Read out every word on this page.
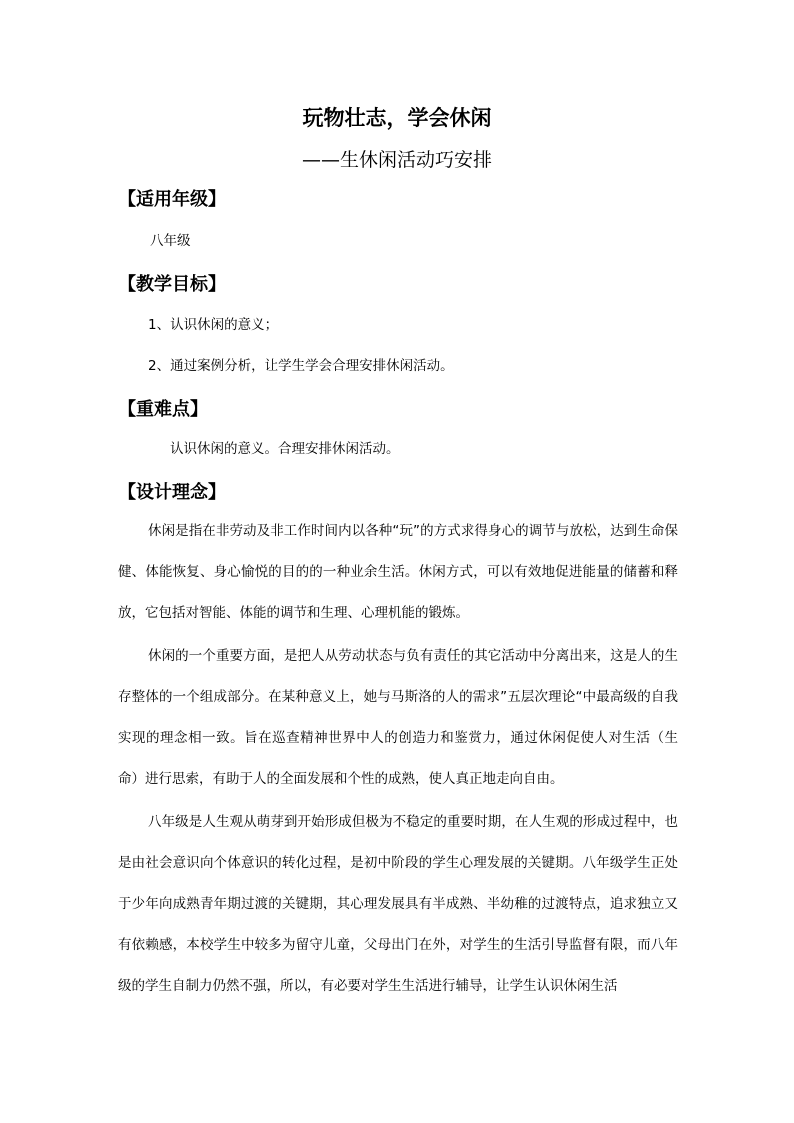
玩物壮志，学会休闲
——生休闲活动巧安排
【适用年级】
八年级
【教学目标】
1、认识休闲的意义；
2、通过案例分析，让学生学会合理安排休闲活动。
【重难点】
认识休闲的意义。合理安排休闲活动。
【设计理念】

休闲是指在非劳动及非工作时间内以各种“玩”的方式求得身心的调节与放松，达到生命保健、体能恢复、身心愉悦的目的的一种业余生活。休闲方式，可以有效地促进能量的储蓄和释放，它包括对智能、体能的调节和生理、心理机能的锻炼。

休闲的一个重要方面，是把人从劳动状态与负有责任的其它活动中分离出来，这是人的生存整体的一个组成部分。在某种意义上，她与马斯洛的人的需求”五层次理论“中最高级的自我实现的理念相一致。旨在巡查精神世界中人的创造力和鉴赏力，通过休闲促使人对生活（生命）进行思索，有助于人的全面发展和个性的成熟，使人真正地走向自由。

八年级是人生观从萌芽到开始形成但极为不稳定的重要时期，在人生观的形成过程中，也是由社会意识向个体意识的转化过程，是初中阶段的学生心理发展的关键期。八年级学生正处于少年向成熟青年期过渡的关键期，其心理发展具有半成熟、半幼稚的过渡特点，追求独立又有依赖感，本校学生中较多为留守儿童，父母出门在外，对学生的生活引导监督有限，而八年级的学生自制力仍然不强，所以，有必要对学生生活进行辅导，让学生认识休闲生活
